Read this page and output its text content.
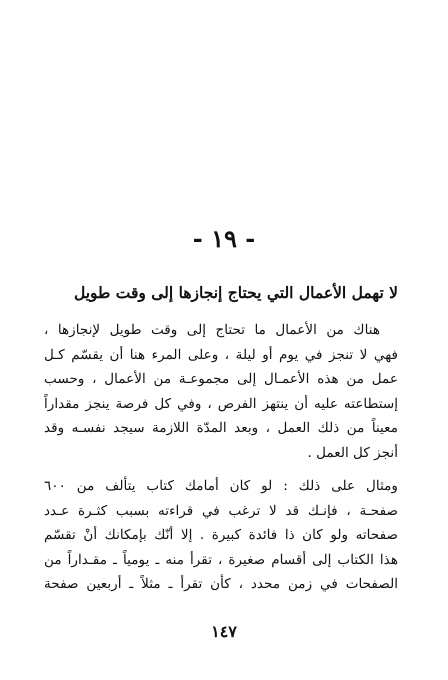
- ١٩ -
لا تهمل الأعمال التي يحتاج إنجازها إلى وقت طويل
هناك من الأعمال ما تحتاج إلى وقت طويل لإنجازها ،
فهي لا تنجز في يوم أو ليلة ، وعلى المرء هنا أن يقسّم كـل
عمل من هذه الأعمـال إلى مجموعـة من الأعمال ، وحسب
إستطاعته عليه أن ينتهز الفرص ، وفي كل فرصة ينجز مقداراً
معيناً من ذلك العمل ، وبعد المدّة اللازمة سيجد نفسـه وقد
أنجز كل العمل .
ومثال على ذلك : لو كان أمامك كتاب يتألف من ٦٠٠
صفحـة ، فإنـك قد لا ترغب في قراءته بسبب كثـرة عـدد
صفحاته ولو كان ذا فائدة كبيرة . إلا أنّك بإمكانك أنْ تقسّم
هذا الكتاب إلى أقسام صغيرة ، تقرأ منه ـ يومياً ـ مقـداراً من
الصفحات في زمن محدد ، كأن تقرأ ـ مثلاً ـ أربعين صفحة
١٤٧
